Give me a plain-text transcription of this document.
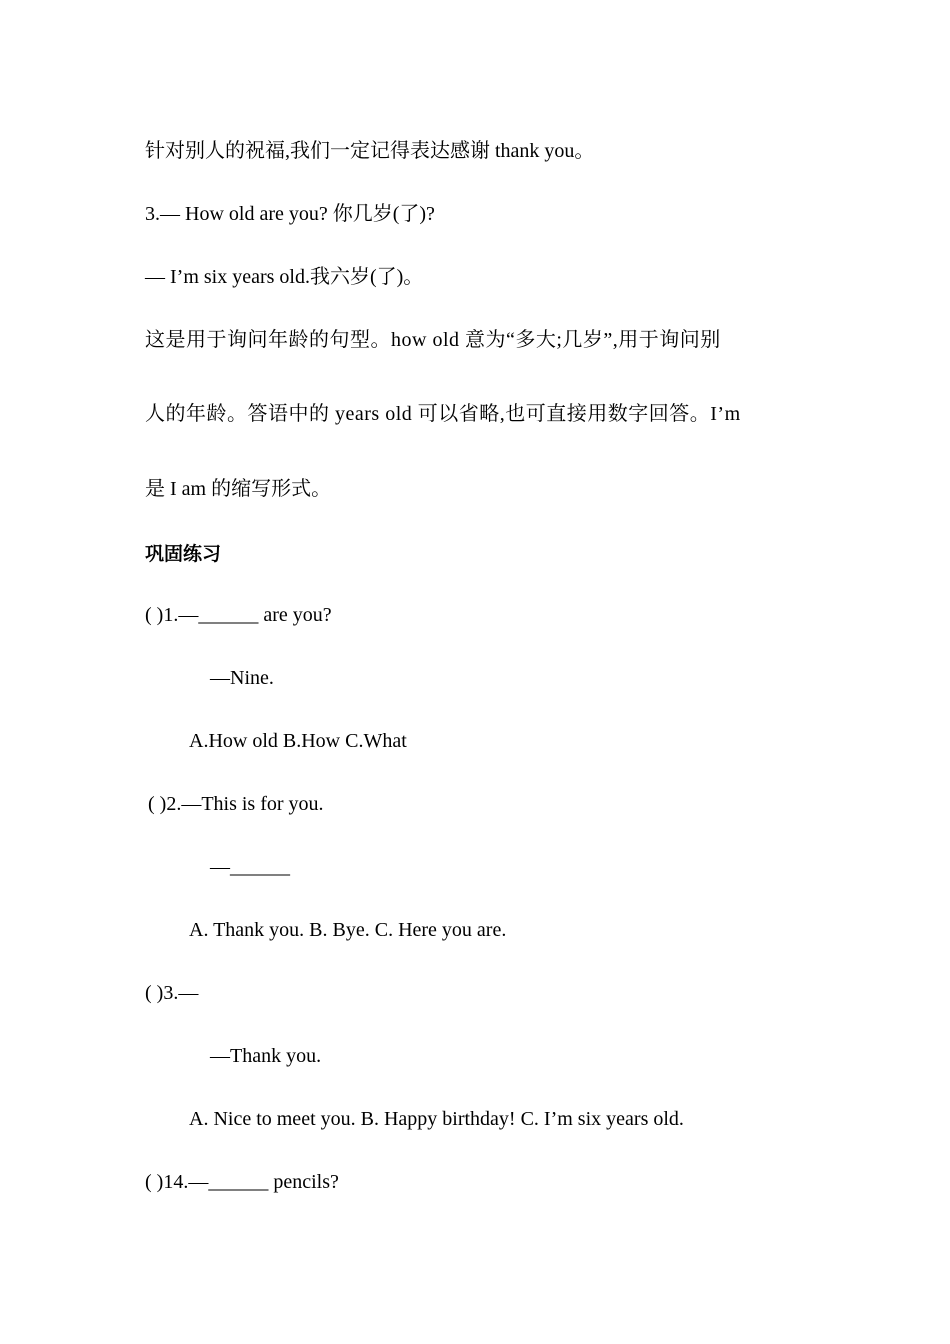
针对别人的祝福,我们一定记得表达感谢 thank you。
3.— How old are you? 你几岁(了)?
— I’m six years old.我六岁(了)。
这是用于询问年龄的句型。how old 意为“多大;几岁”,用于询问别
人的年龄。答语中的 years old 可以省略,也可直接用数字回答。I’m
是 I am 的缩写形式。
巩固练习
( )1.—______ are you?
—Nine.
A.How old B.How C.What
( )2.—This is for you.
—______
A. Thank you. B. Bye. C. Here you are.
( )3.—
—Thank you.
A. Nice to meet you. B. Happy birthday! C. I’m six years old.
( )14.—______ pencils?
